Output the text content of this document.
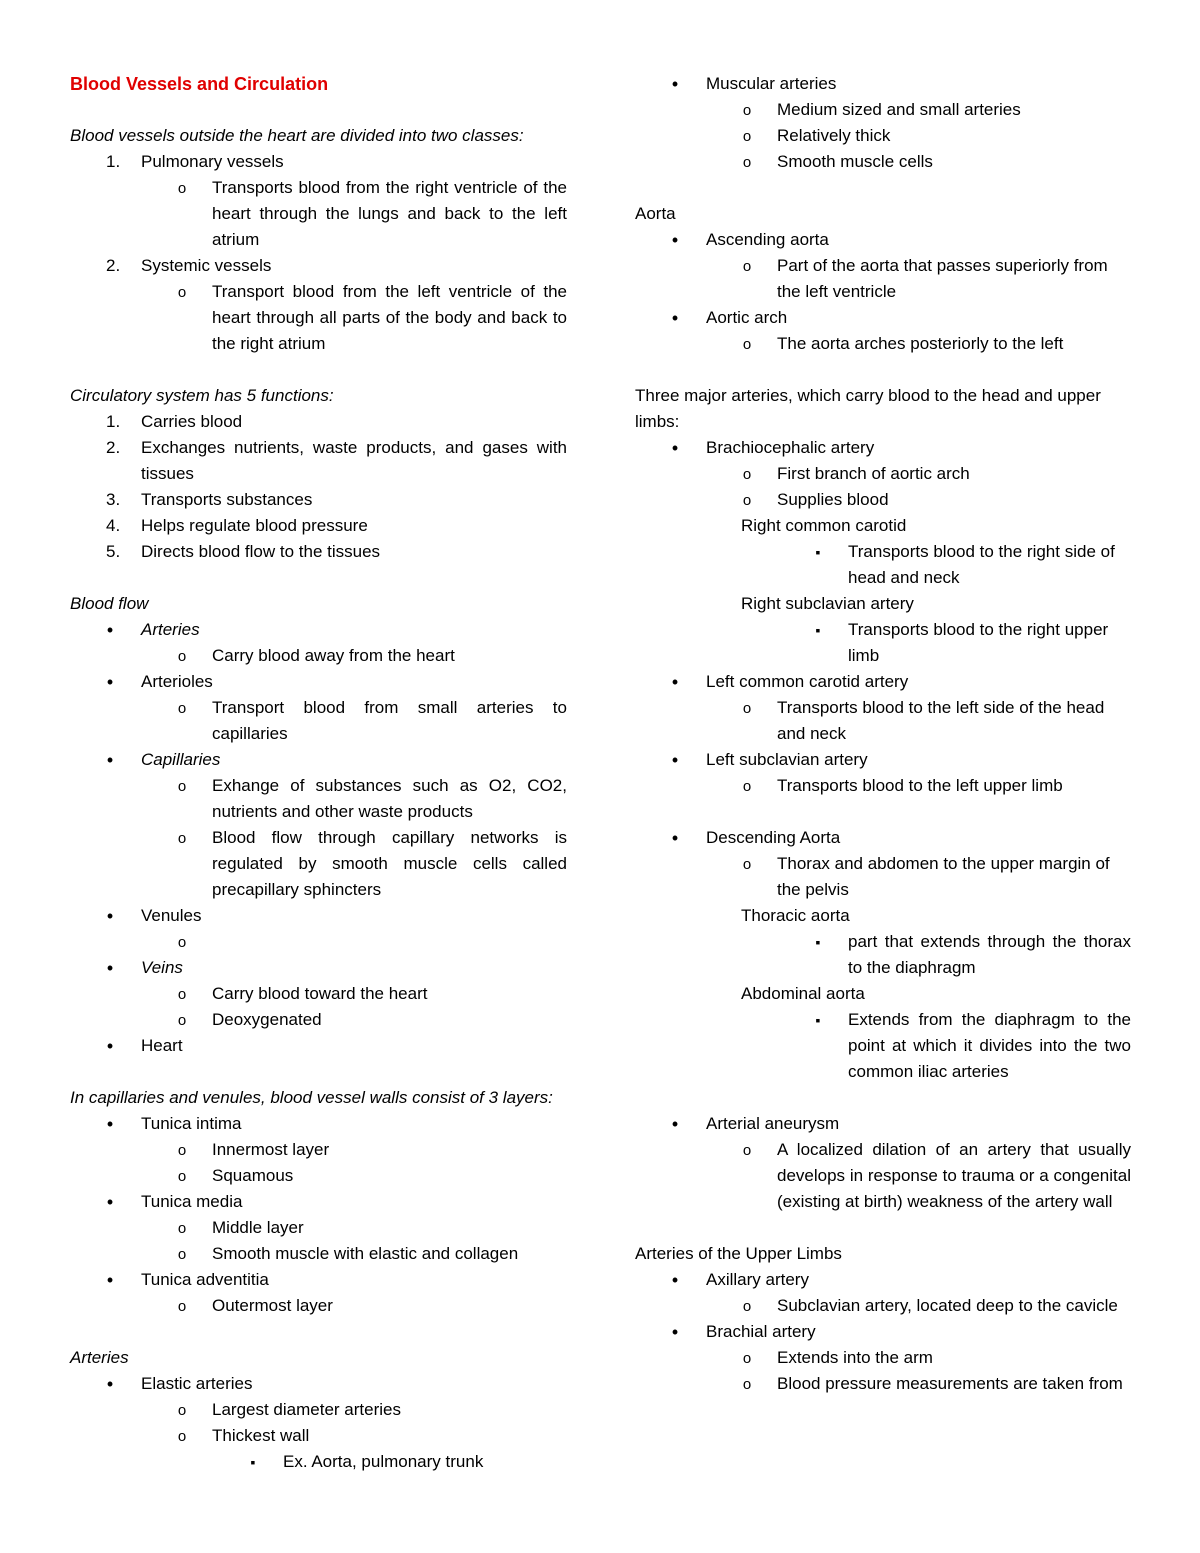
Blood Vessels and Circulation
Blood vessels outside the heart are divided into two classes:
1.	Pulmonary vessels
o
Transports blood from the right ventricle of the heart through the lungs and back to the left atrium
2.	Systemic vessels
o
Transport blood from the left ventricle of the heart through all parts of the body and back to the right atrium
Circulatory system has 5 functions:
1.	Carries blood
2.	Exchanges nutrients, waste products, and gases with tissues
3.	Transports substances
4.	Helps regulate blood pressure
5.	Directs blood flow to the tissues
Blood flow
•
Arteries
o
Carry blood away from the heart
•
Arterioles
o
Transport blood from small arteries to capillaries
•
Capillaries
o
Exhange of substances such as O2, CO2, nutrients and other waste products
o
Blood flow through capillary networks is regulated by smooth muscle cells called precapillary sphincters
•
Venules
o
•
Veins
o
Carry blood toward the heart
o
Deoxygenated
•
Heart
In capillaries and venules, blood vessel walls consist of 3 layers:
•
Tunica intima
o
Innermost layer
o
Squamous
•
Tunica media
o
Middle layer
o
Smooth muscle with elastic and collagen
•
Tunica adventitia
o
Outermost layer
Arteries
•
Elastic arteries
o
Largest diameter arteries
o
Thickest wall
▪
Ex. Aorta, pulmonary trunk
•
Muscular arteries
o
Medium sized and small arteries
o
Relatively thick
o
Smooth muscle cells
Aorta
•
Ascending aorta
o
Part of the aorta that passes superiorly from the left ventricle
•
Aortic arch
o
The aorta arches posteriorly to the left
Three major arteries, which carry blood to the head and upper limbs:
•
Brachiocephalic artery
o
First branch of aortic arch
o
Supplies blood
Right common carotid
▪
Transports blood to the right side of head and neck
Right subclavian artery
▪
Transports blood to the right upper limb
•
Left common carotid artery
o
Transports blood to the left side of the head and neck
•
Left subclavian artery
o
Transports blood to the left upper limb
•
Descending Aorta
o
Thorax and abdomen to the upper margin of the pelvis
Thoracic aorta
▪
part that extends through the thorax to the diaphragm
Abdominal aorta
▪
Extends from the diaphragm to the point at which it divides into the two common iliac arteries
•
Arterial aneurysm
o
A localized dilation of an artery that usually develops in response to trauma or a congenital (existing at birth) weakness of the artery wall
Arteries of the Upper Limbs
•
Axillary artery
o
Subclavian artery, located deep to the cavicle
•
Brachial artery
o
Extends into the arm
o
Blood pressure measurements are taken from
